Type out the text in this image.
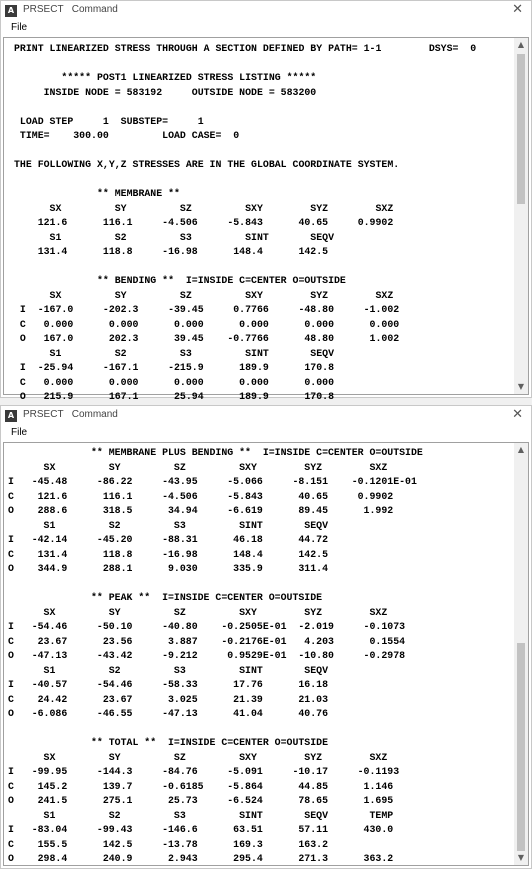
A PRSECT   Command	✕
File
PRINT LINEARIZED STRESS THROUGH A SECTION DEFINED BY PATH= 1-1        DSYS=  0
***** POST1 LINEARIZED STRESS LISTING *****
INSIDE NODE = 583192     OUTSIDE NODE = 583200
LOAD STEP     1  SUBSTEP=     1
TIME=    300.00         LOAD CASE=  0
THE FOLLOWING X,Y,Z STRESSES ARE IN THE GLOBAL COORDINATE SYSTEM.
** MEMBRANE **
SX         SY         SZ         SXY        SYZ        SXZ
121.6      116.1     -4.506     -5.843      40.65     0.9902
S1         S2         S3         SINT       SEQV
131.4      118.8     -16.98      148.4      142.5
** BENDING **  I=INSIDE C=CENTER O=OUTSIDE
SX         SY         SZ         SXY        SYZ        SXZ
I  -167.0     -202.3     -39.45     0.7766     -48.80     -1.002
C   0.000      0.000      0.000      0.000      0.000      0.000
O   167.0      202.3      39.45    -0.7766      48.80      1.002
S1         S2         S3         SINT       SEQV
I  -25.94     -167.1     -215.9      189.9      170.8
C   0.000      0.000      0.000      0.000      0.000
O   215.9      167.1      25.94      189.9      170.8
▲
▼
A PRSECT   Command	✕
File
** MEMBRANE PLUS BENDING **  I=INSIDE C=CENTER O=OUTSIDE
SX         SY         SZ         SXY        SYZ        SXZ
I   -45.48     -86.22     -43.95     -5.066     -8.151    -0.1201E-01
C    121.6      116.1     -4.506     -5.843      40.65     0.9902
O    288.6      318.5      34.94     -6.619      89.45      1.992
S1         S2         S3         SINT       SEQV
I   -42.14     -45.20     -88.31      46.18      44.72
C    131.4      118.8     -16.98      148.4      142.5
O    344.9      288.1      9.030      335.9      311.4
** PEAK **  I=INSIDE C=CENTER O=OUTSIDE
SX         SY         SZ         SXY        SYZ        SXZ
I   -54.46     -50.10     -40.80    -0.2505E-01  -2.019     -0.1073
C    23.67      23.56      3.887    -0.2176E-01   4.203      0.1554
O   -47.13     -43.42     -9.212     0.9529E-01  -10.80     -0.2978
S1         S2         S3         SINT       SEQV
I   -40.57     -54.46     -58.33      17.76      16.18
C    24.42      23.67      3.025      21.39      21.03
O   -6.086     -46.55     -47.13      41.04      40.76
** TOTAL **  I=INSIDE C=CENTER O=OUTSIDE
SX         SY         SZ         SXY        SYZ        SXZ
I   -99.95     -144.3     -84.76     -5.091     -10.17     -0.1193
C    145.2      139.7     -0.6185    -5.864      44.85      1.146
O    241.5      275.1      25.73     -6.524      78.65      1.695
S1         S2         S3         SINT       SEQV       TEMP
I   -83.04     -99.43     -146.6      63.51      57.11      430.0
C    155.5      142.5     -13.78      169.3      163.2
O    298.4      240.9      2.943      295.4      271.3      363.2
▲
▼
